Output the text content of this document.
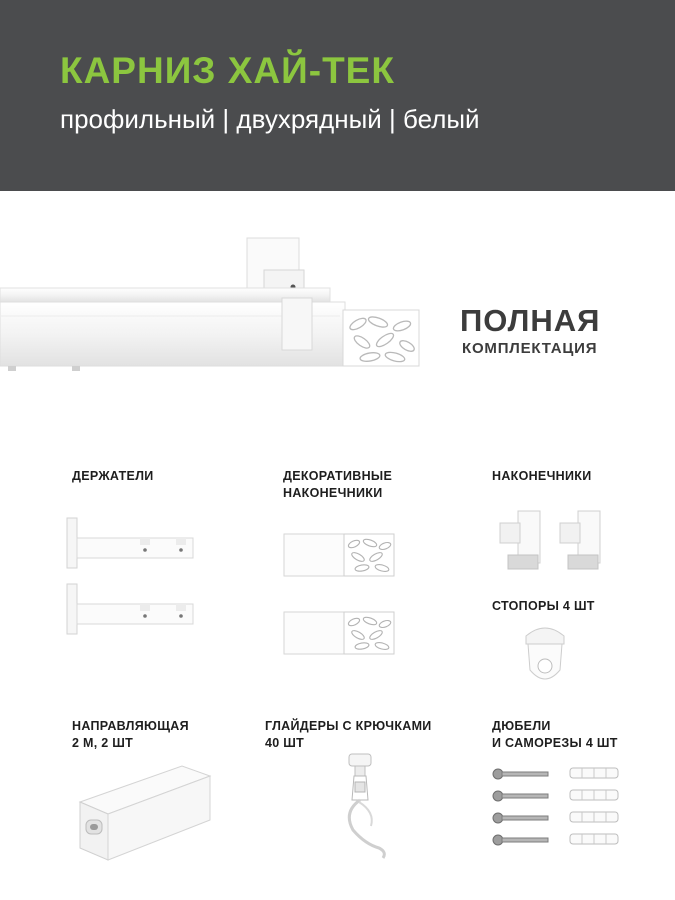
КАРНИЗ ХАЙ-ТЕК

профильный | двухрядный | белый

ПОЛНАЯ

КОМПЛЕКТАЦИЯ

ДЕРЖАТЕЛИ	ДЕКОРАТИВНЫЕ
НАКОНЕЧНИКИ
НАКОНЕЧНИКИ
СТОПОРЫ 4 ШТ
НАПРАВЛЯЮЩАЯ
2 М, 2 ШТ
ГЛАЙДЕРЫ С КРЮЧКАМИ
40 ШТ
ДЮБЕЛИ
И САМОРЕЗЫ 4 ШТ
